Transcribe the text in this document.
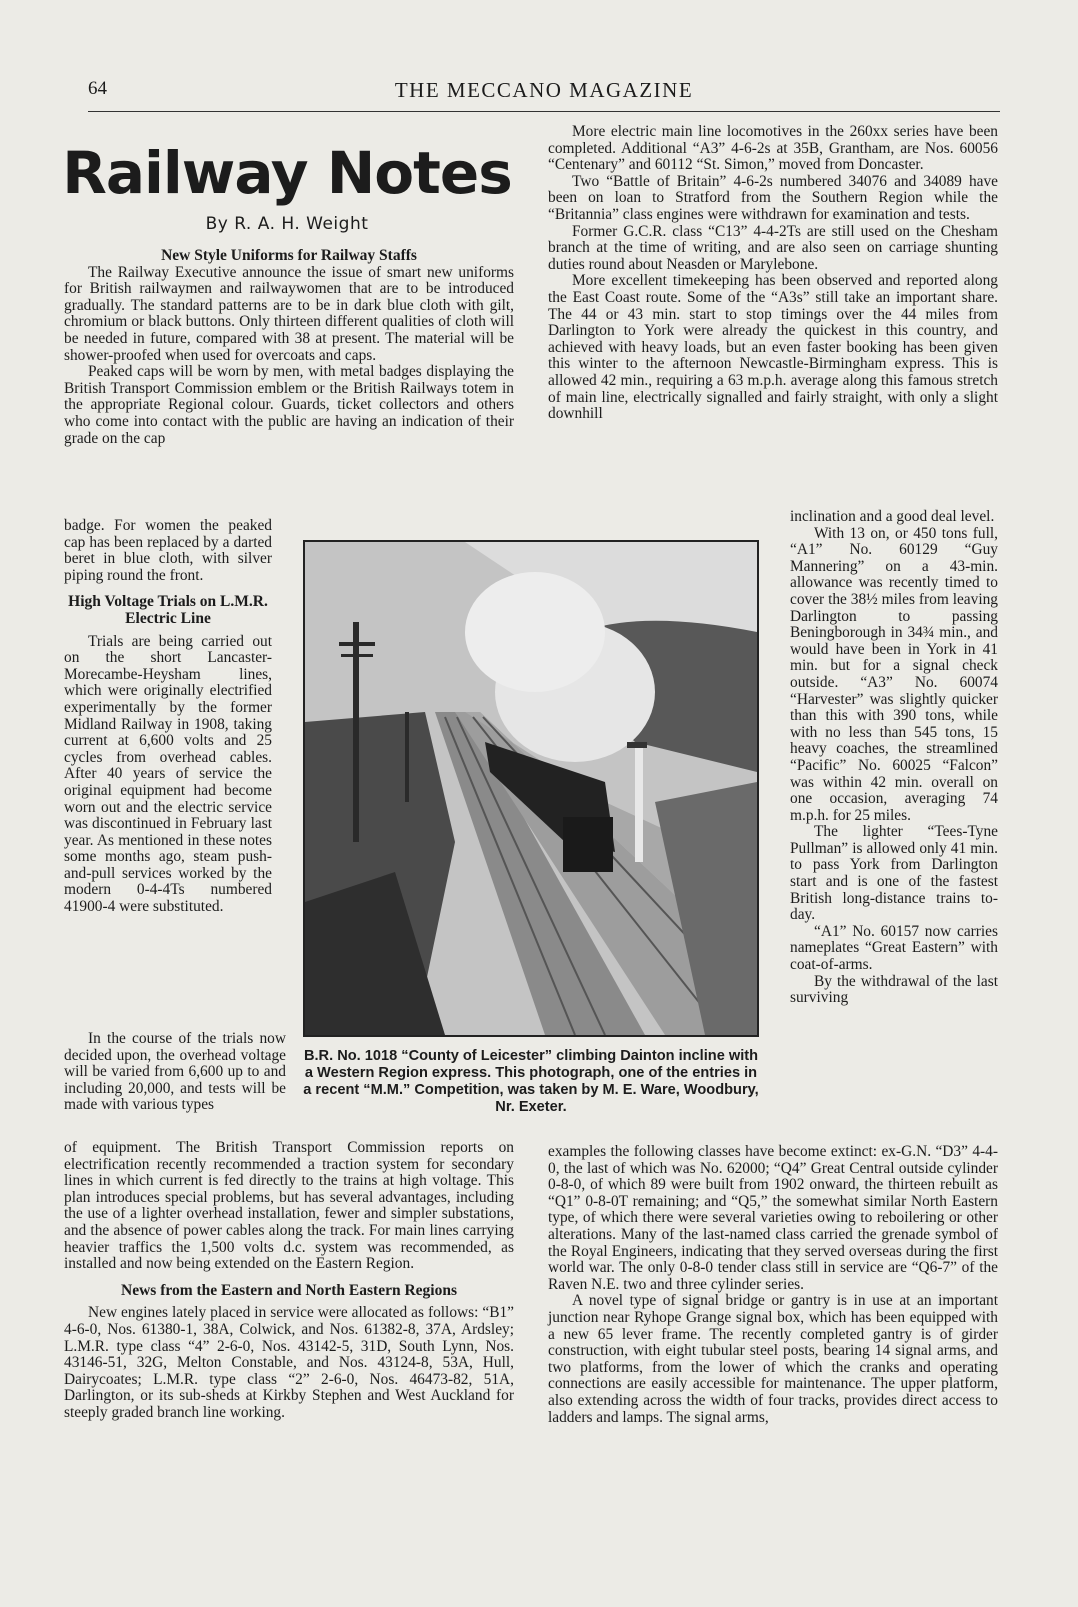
64	THE MECCANO MAGAZINE
Railway Notes
By R. A. H. Weight
New Style Uniforms for Railway Staffs

The Railway Executive announce the issue of smart new uniforms for British railwaymen and railwaywomen that are to be introduced gradually. The standard patterns are to be in dark blue cloth with gilt, chromium or black buttons. Only thirteen different qualities of cloth will be needed in future, compared with 38 at present. The material will be shower-proofed when used for overcoats and caps.

Peaked caps will be worn by men, with metal badges displaying the British Transport Commission emblem or the British Railways totem in the appropriate Regional colour. Guards, ticket collectors and others who come into contact with the public are having an indication of their grade on the cap

badge. For women the peaked cap has been replaced by a darted beret in blue cloth, with silver piping round the front.

High Voltage Trials on L.M.R. Electric Line

Trials are being carried out on the short Lancaster-Morecambe-Heysham lines, which were originally electrified experimentally by the former Midland Railway in 1908, taking current at 6,600 volts and 25 cycles from overhead cables. After 40 years of service the original equipment had become worn out and the electric service was discontinued in February last year. As mentioned in these notes some months ago, steam push-and-pull services worked by the modern 0-4-4Ts numbered 41900-4 were substituted.

In the course of the trials now decided upon, the overhead voltage will be varied from 6,600 up to and including 20,000, and tests will be made with various types

of equipment. The British Transport Commission reports on electrification recently recommended a traction system for secondary lines in which current is fed directly to the trains at high voltage. This plan introduces special problems, but has several advantages, including the use of a lighter overhead installation, fewer and simpler substations, and the absence of power cables along the track. For main lines carrying heavier traffics the 1,500 volts d.c. system was recommended, as installed and now being extended on the Eastern Region.

News from the Eastern and North Eastern Regions

New engines lately placed in service were allocated as follows: “B1” 4-6-0, Nos. 61380-1, 38A, Colwick, and Nos. 61382-8, 37A, Ardsley; L.M.R. type class “4” 2-6-0, Nos. 43142-5, 31D, South Lynn, Nos. 43146-51, 32G, Melton Constable, and Nos. 43124-8, 53A, Hull, Dairycoates; L.M.R. type class “2” 2-6-0, Nos. 46473-82, 51A, Darlington, or its sub-sheds at Kirkby Stephen and West Auckland for steeply graded branch line working.

More electric main line locomotives in the 260xx series have been completed. Additional “A3” 4-6-2s at 35B, Grantham, are Nos. 60056 “Centenary” and 60112 “St. Simon,” moved from Doncaster.

Two “Battle of Britain” 4-6-2s numbered 34076 and 34089 have been on loan to Stratford from the Southern Region while the “Britannia” class engines were withdrawn for examination and tests.

Former G.C.R. class “C13” 4-4-2Ts are still used on the Chesham branch at the time of writing, and are also seen on carriage shunting duties round about Neasden or Marylebone.

More excellent timekeeping has been observed and reported along the East Coast route. Some of the “A3s” still take an important share. The 44 or 43 min. start to stop timings over the 44 miles from Darlington to York were already the quickest in this country, and achieved with heavy loads, but an even faster booking has been given this winter to the afternoon Newcastle-Birmingham express. This is allowed 42 min., requiring a 63 m.p.h. average along this famous stretch of main line, electrically signalled and fairly straight, with only a slight downhill

inclination and a good deal level.

With 13 on, or 450 tons full, “A1” No. 60129 “Guy Mannering” on a 43-min. allowance was recently timed to cover the 38½ miles from leaving Darlington to passing Beningborough in 34¾ min., and would have been in York in 41 min. but for a signal check outside. “A3” No. 60074 “Harvester” was slightly quicker than this with 390 tons, while with no less than 545 tons, 15 heavy coaches, the streamlined “Pacific” No. 60025 “Falcon” was within 42 min. overall on one occasion, averaging 74 m.p.h. for 25 miles.

The lighter “Tees-Tyne Pullman” is allowed only 41 min. to pass York from Darlington start and is one of the fastest British long-distance trains to-day.

“A1” No. 60157 now carries nameplates “Great Eastern” with coat-of-arms.

By the withdrawal of the last surviving

examples the following classes have become extinct: ex-G.N. “D3” 4-4-0, the last of which was No. 62000; “Q4” Great Central outside cylinder 0-8-0, of which 89 were built from 1902 onward, the thirteen rebuilt as “Q1” 0-8-0T remaining; and “Q5,” the somewhat similar North Eastern type, of which there were several varieties owing to reboilering or other alterations. Many of the last-named class carried the grenade symbol of the Royal Engineers, indicating that they served overseas during the first world war. The only 0-8-0 tender class still in service are “Q6-7” of the Raven N.E. two and three cylinder series.

A novel type of signal bridge or gantry is in use at an important junction near Ryhope Grange signal box, which has been equipped with a new 65 lever frame. The recently completed gantry is of girder construction, with eight tubular steel posts, bearing 14 signal arms, and two platforms, from the lower of which the cranks and operating connections are easily accessible for maintenance. The upper platform, also extending across the width of four tracks, provides direct access to ladders and lamps. The signal arms,

B.R. No. 1018 “County of Leicester” climbing Dainton incline with a Western Region express. This photograph, one of the entries in a recent “M.M.” Competition, was taken by M. E. Ware, Woodbury, Nr. Exeter.
